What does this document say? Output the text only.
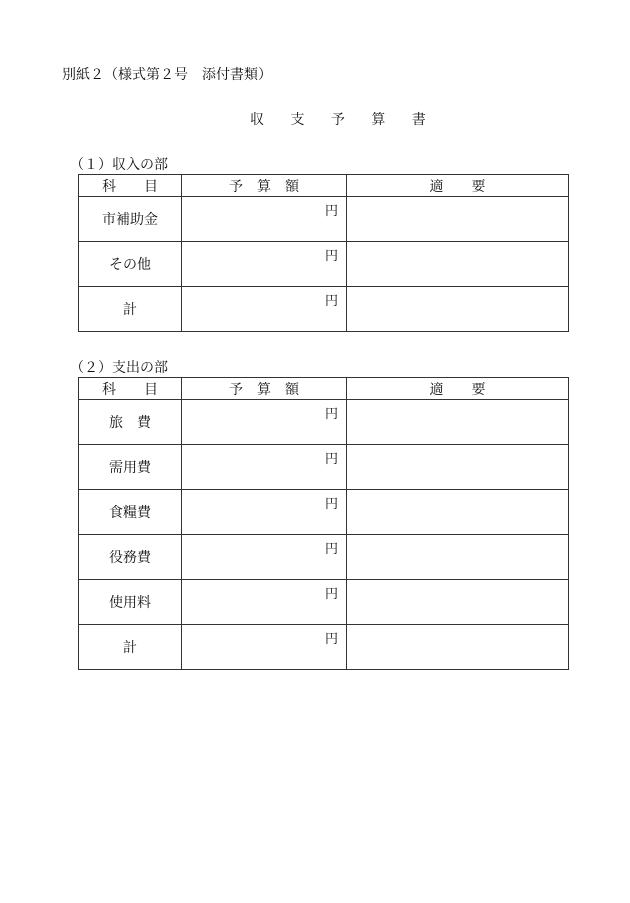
別紙２（様式第２号　添付書類）
収 支 予 算 書
（１）収入の部
科　　目	予　算　額	適　　要
市補助金	円	

その他	円	

計	円	

（２）支出の部
科　　目	予　算　額	適　　要
旅　費	円	

需用費	円	

食糧費	円	

役務費	円	

使用料	円	

計	円	
